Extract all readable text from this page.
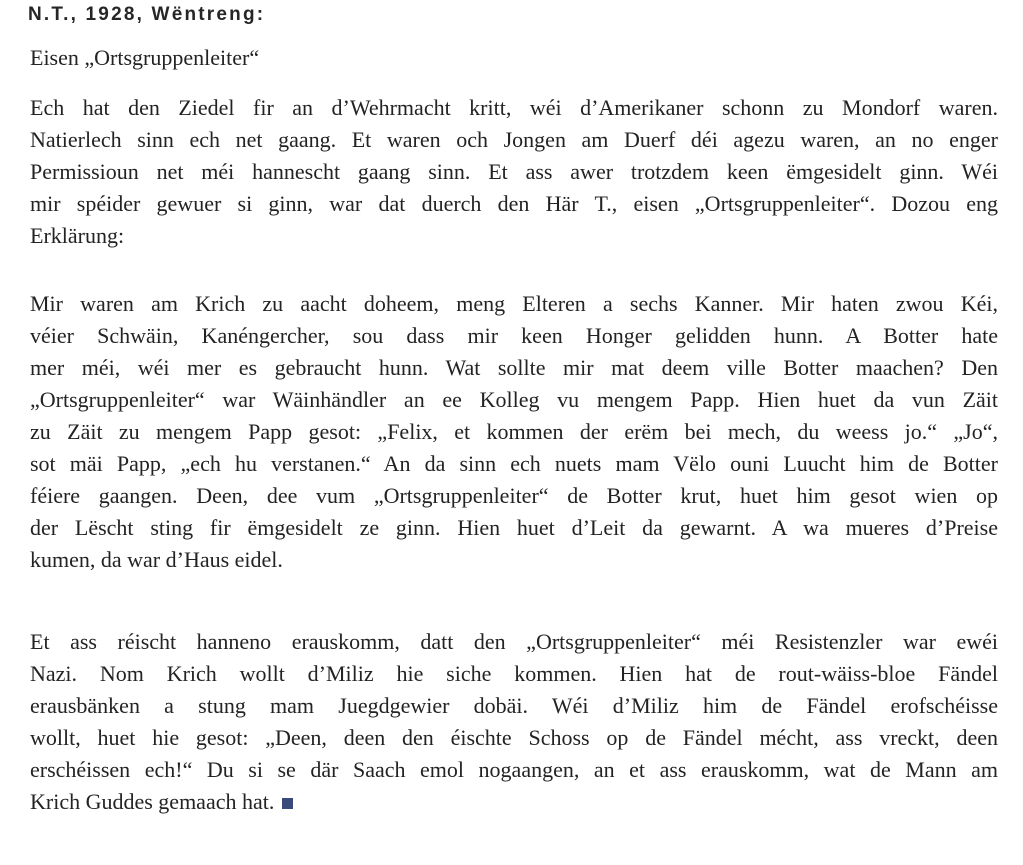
N.T., 1928, Wëntreng:
Eisen „Ortsgruppenleiter“
Ech hat den Ziedel fir an d’Wehrmacht kritt, wéi d’Amerikaner schonn zu Mondorf waren.
Natierlech sinn ech net gaang. Et waren och Jongen am Duerf déi agezu waren, an no enger
Permissioun net méi hannescht gaang sinn. Et ass awer trotzdem keen ëmgesidelt ginn. Wéi
mir spéider gewuer si ginn, war dat duerch den Här T., eisen „Ortsgruppenleiter“. Dozou eng
Erklärung:
Mir waren am Krich zu aacht doheem, meng Elteren a sechs Kanner. Mir haten zwou Kéi,
véier Schwäin, Kanéngercher, sou dass mir keen Honger gelidden hunn. A Botter hate
mer méi, wéi mer es gebraucht hunn. Wat sollte mir mat deem ville Botter maachen? Den
„Ortsgruppenleiter“ war Wäinhändler an ee Kolleg vu mengem Papp. Hien huet da vun Zäit
zu Zäit zu mengem Papp gesot: „Felix, et kommen der erëm bei mech, du weess jo.“ „Jo“,
sot mäi Papp, „ech hu verstanen.“ An da sinn ech nuets mam Vëlo ouni Luucht him de Botter
féiere gaangen. Deen, dee vum „Ortsgruppenleiter“ de Botter krut, huet him gesot wien op
der Lëscht sting fir ëmgesidelt ze ginn. Hien huet d’Leit da gewarnt. A wa mueres d’Preise
kumen, da war d’Haus eidel.
Et ass réischt hanneno erauskomm, datt den „Ortsgruppenleiter“ méi Resistenzler war ewéi
Nazi. Nom Krich wollt d’Miliz hie siche kommen. Hien hat de rout-wäiss-bloe Fändel
erausbänken a stung mam Juegdgewier dobäi. Wéi d’Miliz him de Fändel erofschéisse
wollt, huet hie gesot: „Deen, deen den éischte Schoss op de Fändel mécht, ass vreckt, deen
erschéissen ech!“ Du si se där Saach emol nogaangen, an et ass erauskomm, wat de Mann am
Krich Guddes gemaach hat.
